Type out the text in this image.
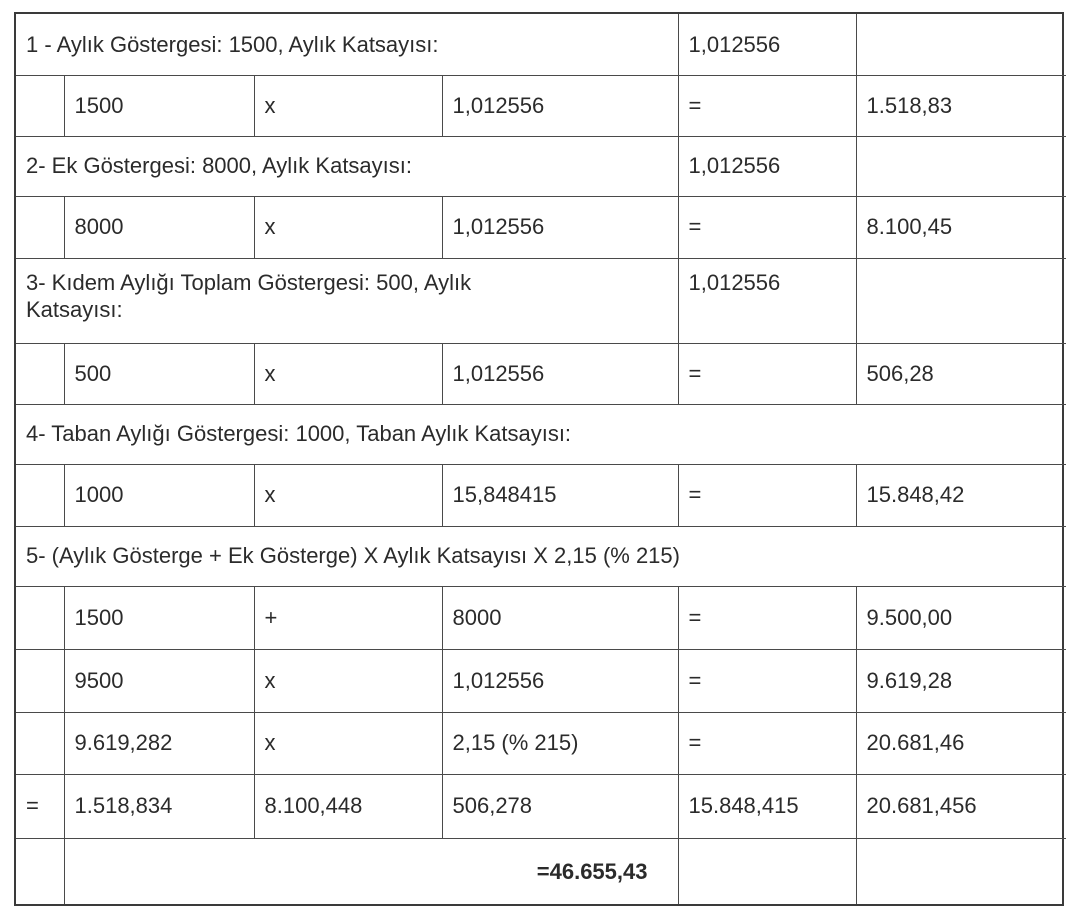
1 - Aylık Göstergesi: 1500, Aylık Katsayısı:				1,012556	
	1500	x	1,012556	=	1.518,83
2- Ek Göstergesi: 8000, Aylık Katsayısı:				1,012556	
	8000	x	1,012556	=	8.100,45
3- Kıdem Aylığı Toplam Göstergesi: 500, Aylık Katsayısı:				1,012556	
	500	x	1,012556	=	506,28
4- Taban Aylığı Göstergesi: 1000, Taban Aylık Katsayısı:					
	1000	x	15,848415	=	15.848,42
5- (Aylık Gösterge + Ek Gösterge) X Aylık Katsayısı X 2,15 (% 215)					
	1500	+	8000	=	9.500,00
	9500	x	1,012556	=	9.619,28
	9.619,282	x	2,15 (% 215)	=	20.681,46
=	1.518,834	8.100,448	506,278	15.848,415	20.681,456
	=46.655,43				
